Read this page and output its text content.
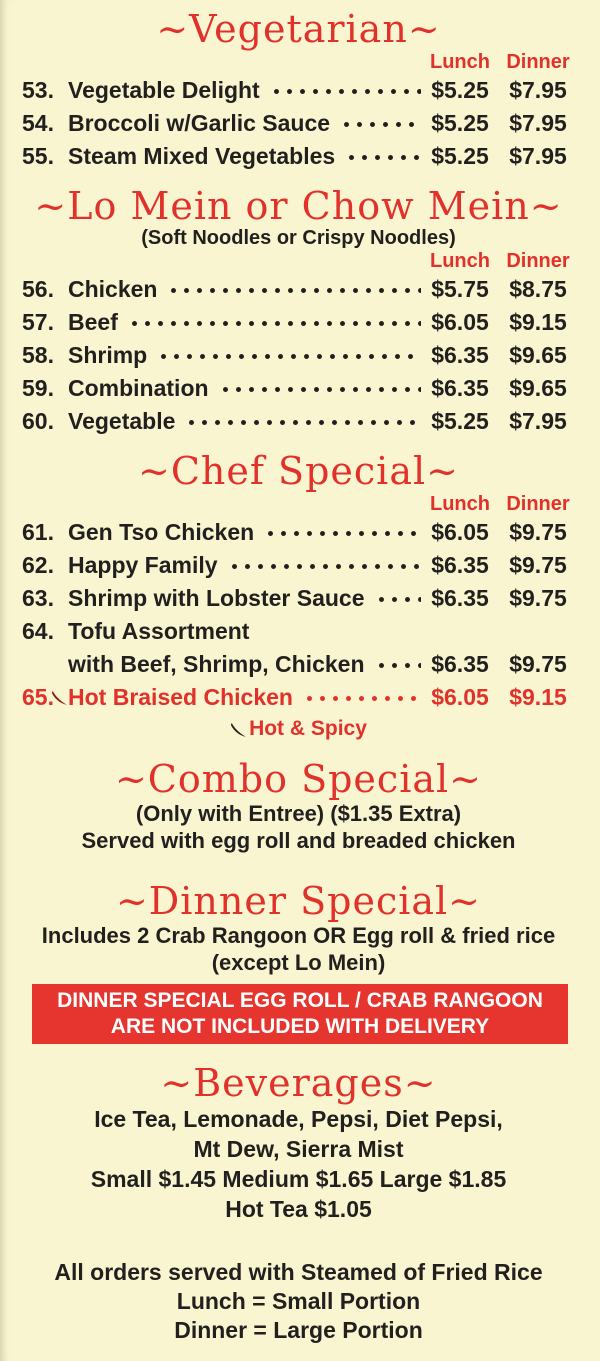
~Vegetarian~
Lunch Dinner
53. Vegetable Delight	$5.25 $7.95
54. Broccoli w/Garlic Sauce	$5.25 $7.95
55. Steam Mixed Vegetables	$5.25 $7.95
~Lo Mein or Chow Mein~
(Soft Noodles or Crispy Noodles)
Lunch Dinner
56. Chicken	$5.75 $8.75
57. Beef	$6.05 $9.15
58. Shrimp	$6.35 $9.65
59. Combination	$6.35 $9.65
60. Vegetable	$5.25 $7.95
~Chef Special~
Lunch Dinner
61. Gen Tso Chicken	$6.05 $9.75
62. Happy Family	$6.35 $9.75
63. Shrimp with Lobster Sauce	$6.35 $9.75
64. Tofu Assortment
with Beef, Shrimp, Chicken	$6.35 $9.75
65. Hot Braised Chicken	$6.05 $9.15
Hot & Spicy
~Combo Special~
(Only with Entree) ($1.35 Extra)
Served with egg roll and breaded chicken
~Dinner Special~
Includes 2 Crab Rangoon OR Egg roll & fried rice
(except Lo Mein)
DINNER SPECIAL EGG ROLL / CRAB RANGOON
ARE NOT INCLUDED WITH DELIVERY
~Beverages~
Ice Tea, Lemonade, Pepsi, Diet Pepsi,
Mt Dew, Sierra Mist
Small $1.45 Medium $1.65 Large $1.85
Hot Tea $1.05
All orders served with Steamed of Fried Rice
Lunch = Small Portion
Dinner = Large Portion
